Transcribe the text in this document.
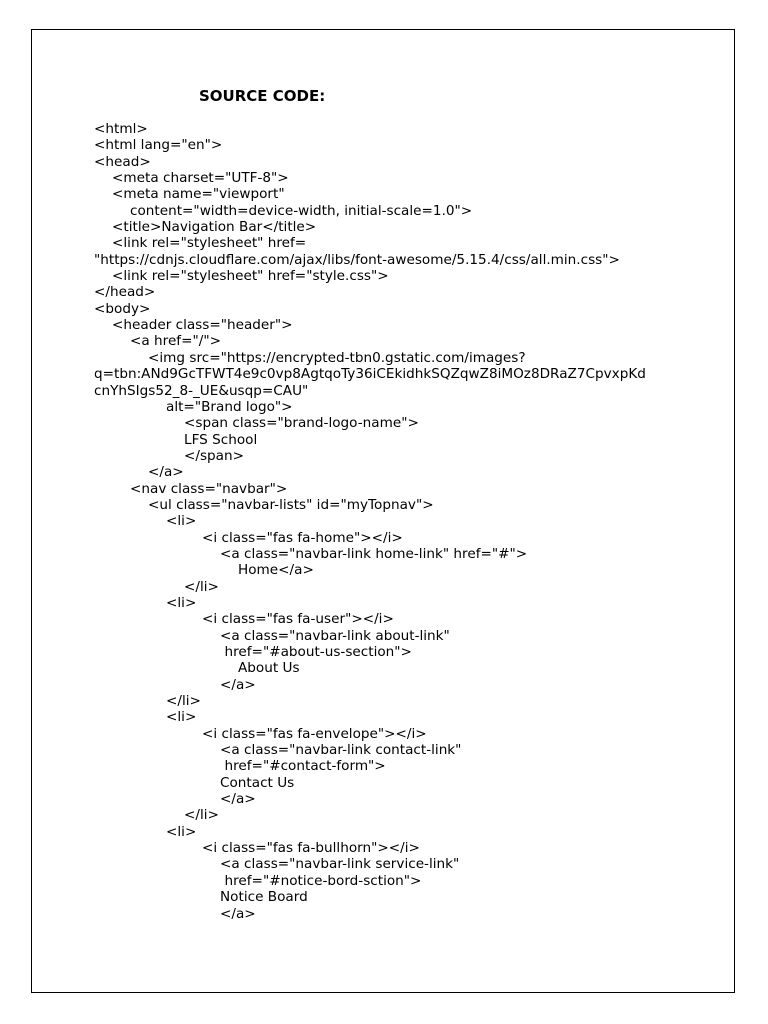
SOURCE CODE:
<html>
<html lang="en">
<head>
<meta charset="UTF-8">
<meta name="viewport"
content="width=device-width, initial-scale=1.0">
<title>Navigation Bar</title>
<link rel="stylesheet" href=
"https://cdnjs.cloudflare.com/ajax/libs/font-awesome/5.15.4/css/all.min.css">
<link rel="stylesheet" href="style.css">
</head>
<body>
<header class="header">
<a href="/">
<img src="https://encrypted-tbn0.gstatic.com/images?
q=tbn:ANd9GcTFWT4e9c0vp8AgtqoTy36iCEkidhkSQZqwZ8iMOz8DRaZ7CpvxpKd
cnYhSIgs52_8-_UE&usqp=CAU"
alt="Brand logo">
<span class="brand-logo-name">
LFS School
</span>
</a>
<nav class="navbar">
<ul class="navbar-lists" id="myTopnav">
<li>
<i class="fas fa-home"></i>
<a class="navbar-link home-link" href="#">
Home</a>
</li>
<li>
<i class="fas fa-user"></i>
<a class="navbar-link about-link"
href="#about-us-section">
About Us
</a>
</li>
<li>
<i class="fas fa-envelope"></i>
<a class="navbar-link contact-link"
href="#contact-form">
Contact Us
</a>
</li>
<li>
<i class="fas fa-bullhorn"></i>
<a class="navbar-link service-link"
href="#notice-bord-sction">
Notice Board
</a>
